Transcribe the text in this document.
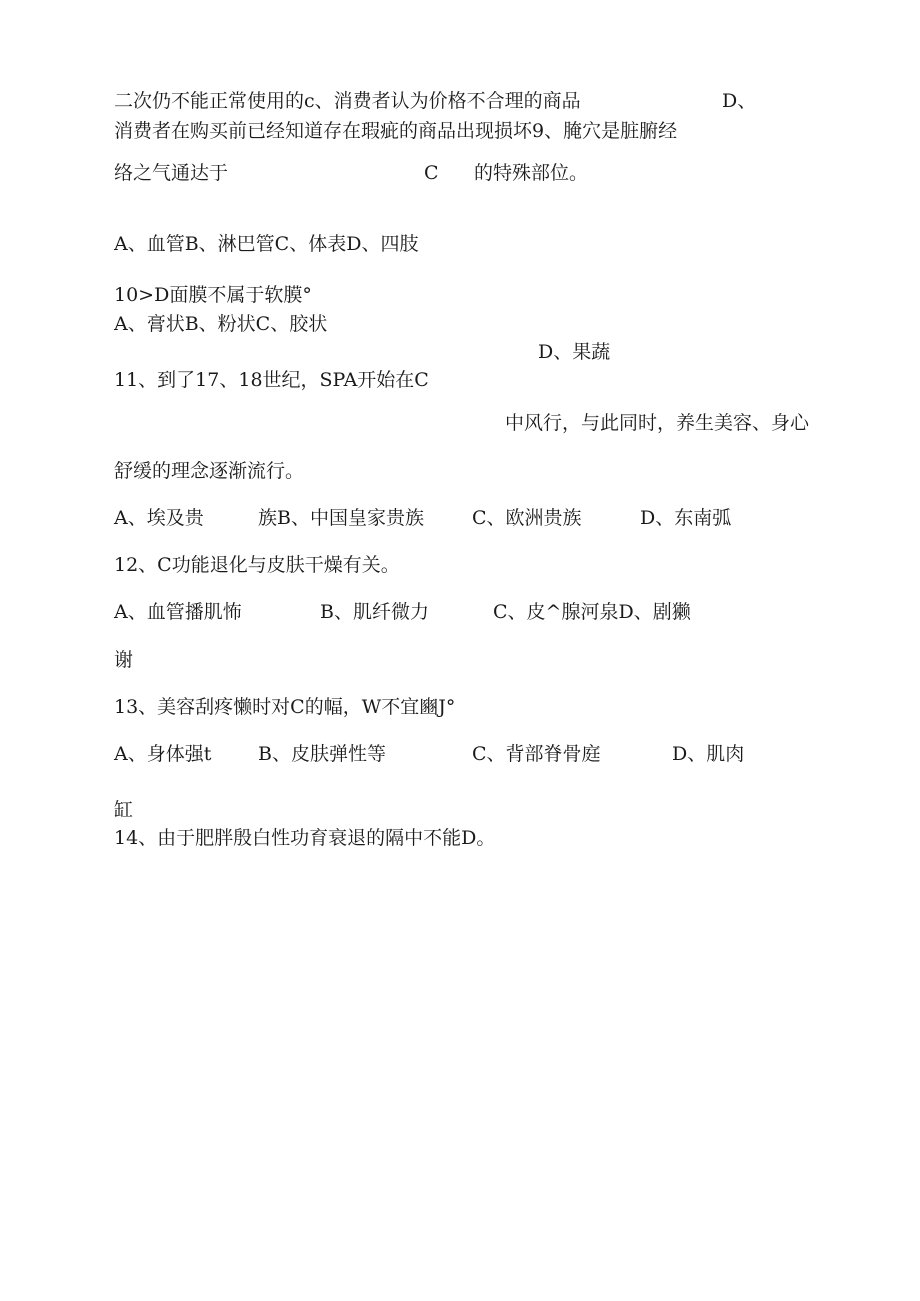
二次仍不能正常使用的c、消费者认为价格不合理的商品	D、
消费者在购买前已经知道存在瑕疵的商品出现损坏9、腌穴是脏腑经
络之气通达于	C 的特殊部位。
A、血管B、淋巴管C、体表D、四肢
10>D面膜不属于软膜°
A、膏状B、粉状C、胶状
D、果蔬
11、到了17、18世纪，SPA开始在C
中风行，与此同时，养生美容、身心
舒缓的理念逐渐流行。
A、埃及贵	族B、中国皇家贵族	C、欧洲贵族	D、东南弧
12、C功能退化与皮肤干燥有关。
A、血管播肌怖	B、肌纤微力	C、皮^腺河泉D、剧獭
谢
13、美容刮疼懒时对C的幅，W不宜豳J°
A、身体强t B、皮肤弹性等	C、背部脊骨庭	D、肌肉
缸
14、由于肥胖殷白性功育衰退的隔中不能D。
